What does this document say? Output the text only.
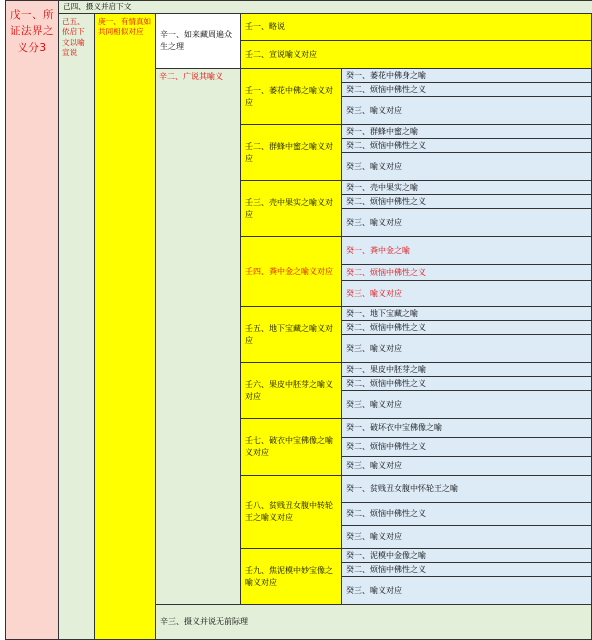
戊一、所证法界之义分3
己四、摄义并启下文
己五、依启下文以喻宣说
庚一、有情真如共同相似对应	辛一、如来藏周遍众生之理
壬一、略说
壬二、宣说喻义对应
辛二、广说其喻义
壬一、萎花中佛之喻义对应
癸一、萎花中佛身之喻
癸二、烦恼中佛性之义
癸三、喻义对应
壬二、群蜂中蜜之喻义对应
癸一、群蜂中蜜之喻
癸二、烦恼中佛性之义
癸三、喻义对应
壬三、壳中果实之喻义对应
癸一、壳中果实之喻
癸二、烦恼中佛性之义
癸三、喻义对应
壬四、粪中金之喻义对应
癸一、粪中金之喻
癸二、烦恼中佛性之义
癸三、喻义对应
壬五、地下宝藏之喻义对应
癸一、地下宝藏之喻
癸二、烦恼中佛性之义
癸三、喻义对应
壬六、果皮中胚芽之喻义对应
癸一、果皮中胚芽之喻
癸二、烦恼中佛性之义
癸三、喻义对应
壬七、破衣中宝佛像之喻义对应
癸一、破坏衣中宝佛像之喻
癸二、烦恼中佛性之义
癸三、喻义对应
壬八、贫贱丑女腹中转轮王之喻义对应
癸一、贫贱丑女腹中怀轮王之喻
癸二、烦恼中佛性之义
癸三、喻义对应
壬九、焦泥模中妙宝像之喻义对应
癸一、泥模中金像之喻
癸二、烦恼中佛性之义
癸三、喻义对应
辛三、摄义并说无前际理
